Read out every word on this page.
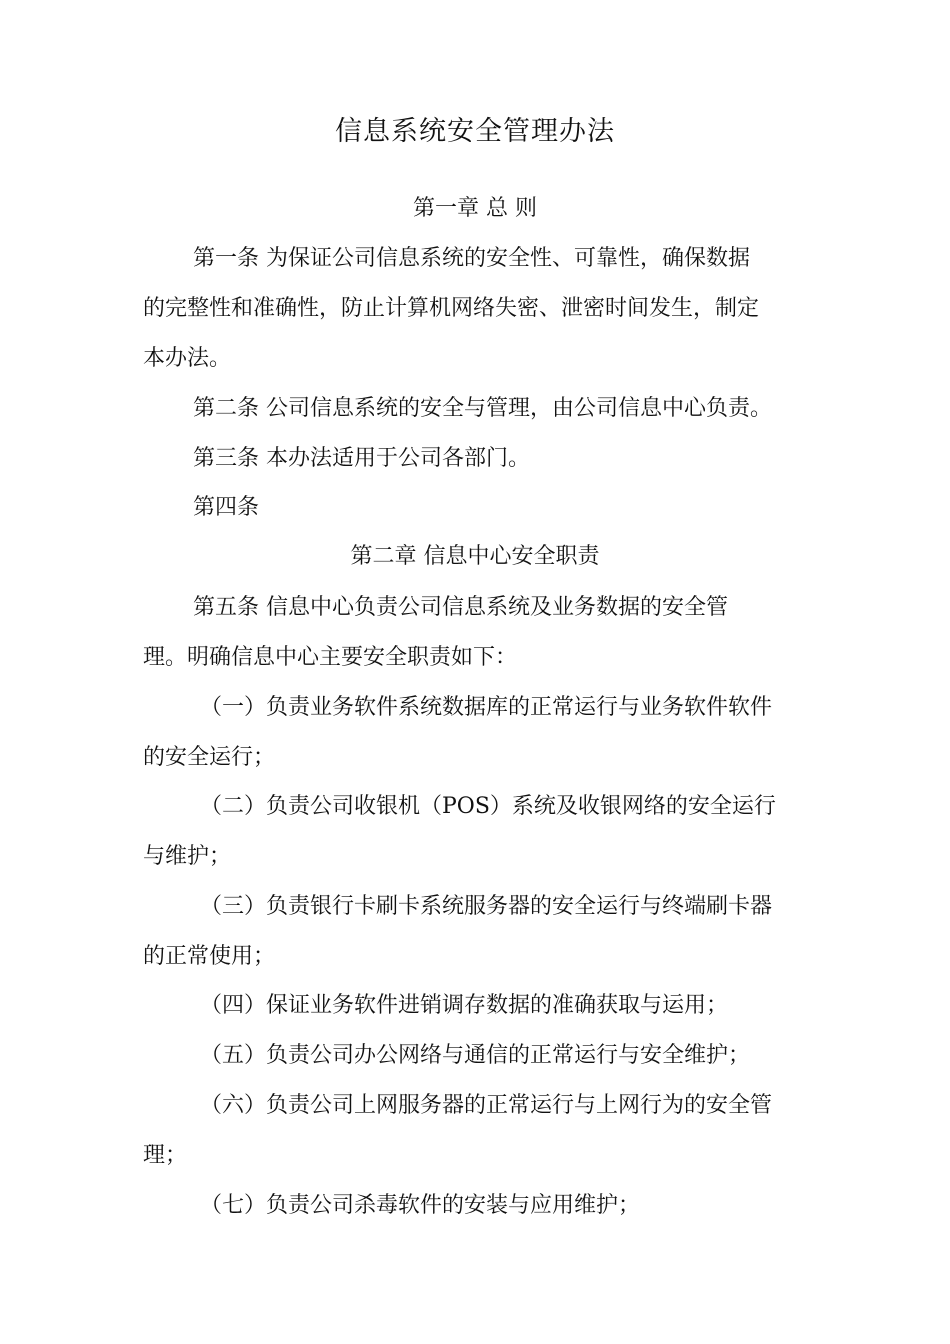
信息系统安全管理办法
第一章 总 则
第一条 为保证公司信息系统的安全性、可靠性，确保数据
的完整性和准确性，防止计算机网络失密、泄密时间发生，制定
本办法。
第二条 公司信息系统的安全与管理，由公司信息中心负责。
第三条 本办法适用于公司各部门。
第四条
第二章 信息中心安全职责
第五条 信息中心负责公司信息系统及业务数据的安全管
理。明确信息中心主要安全职责如下：
（一）负责业务软件系统数据库的正常运行与业务软件软件
的安全运行；
（二）负责公司收银机（POS）系统及收银网络的安全运行
与维护；
（三）负责银行卡刷卡系统服务器的安全运行与终端刷卡器
的正常使用；
（四）保证业务软件进销调存数据的准确获取与运用；
（五）负责公司办公网络与通信的正常运行与安全维护；
（六）负责公司上网服务器的正常运行与上网行为的安全管
理；
（七）负责公司杀毒软件的安装与应用维护；
